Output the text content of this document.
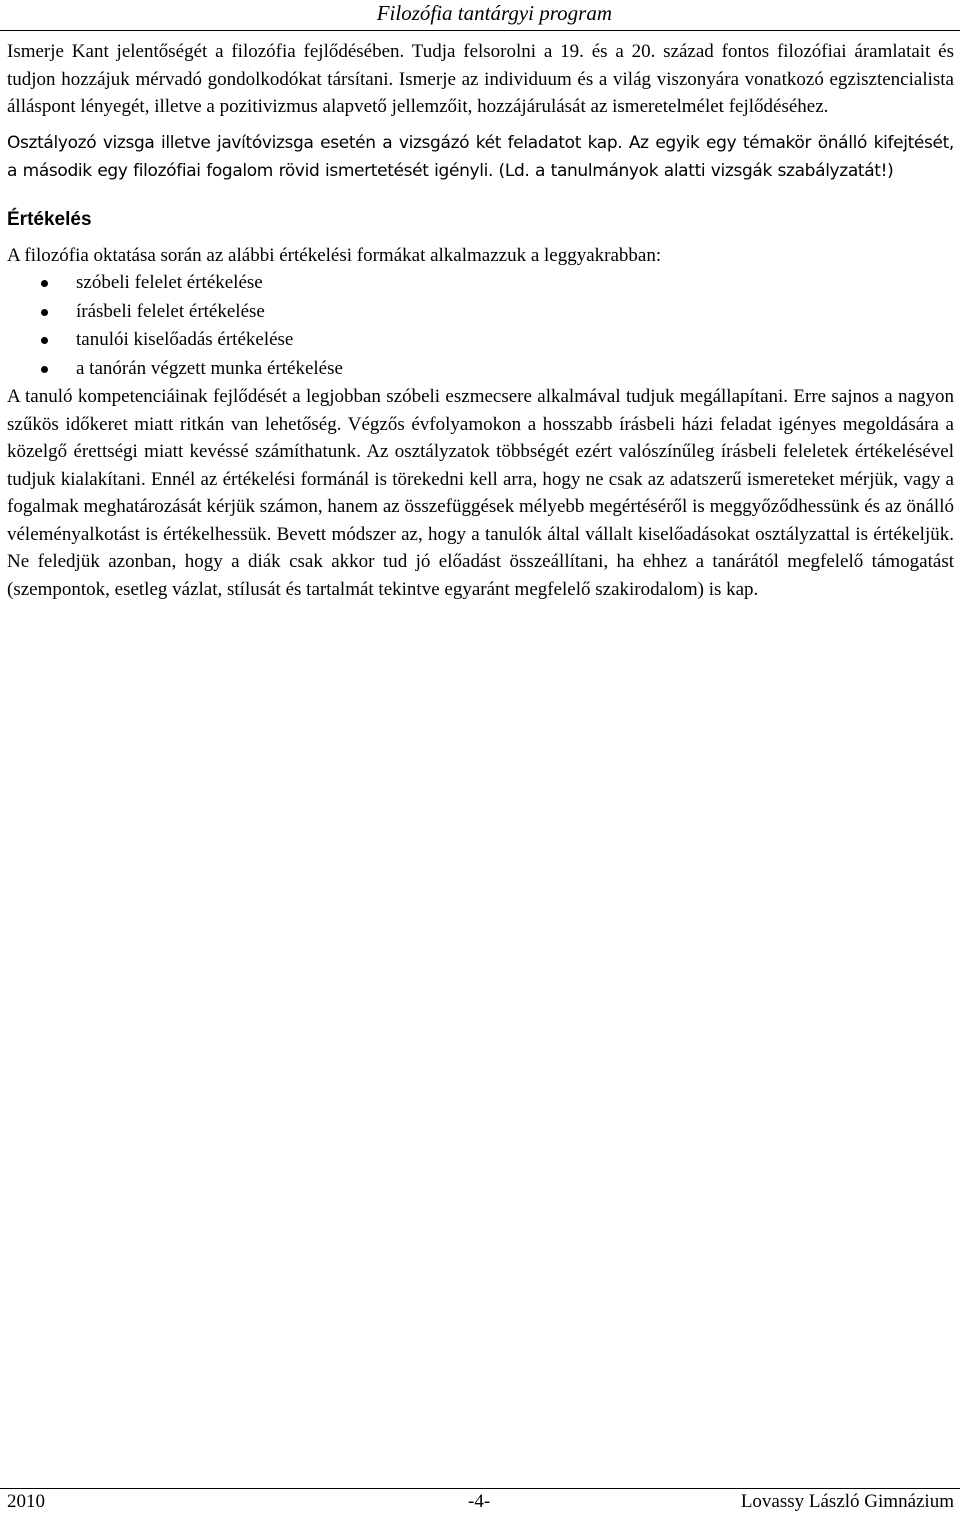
Filozófia tantárgyi program

Ismerje Kant jelentőségét a filozófia fejlődésében. Tudja felsorolni a 19. és a 20. század fontos filozófiai áramlatait és tudjon hozzájuk mérvadó gondolkodókat társítani. Ismerje az individuum és a világ viszonyára vonatkozó egzisztencialista álláspont lényegét, illetve a pozitivizmus alapvető jellemzőit, hozzájárulását az ismeretelmélet fejlődéséhez.

Osztályozó vizsga illetve javítóvizsga esetén a vizsgázó két feladatot kap. Az egyik egy témakör önálló kifejtését, a második egy filozófiai fogalom rövid ismertetését igényli. (Ld. a tanulmányok alatti vizsgák szabályzatát!)

Értékelés

A filozófia oktatása során az alábbi értékelési formákat alkalmazzuk a leggyakrabban:

szóbeli felelet értékelése
írásbeli felelet értékelése
tanulói kiselőadás értékelése
a tanórán végzett munka értékelése

A tanuló kompetenciáinak fejlődését a legjobban szóbeli eszmecsere alkalmával tudjuk megállapítani. Erre sajnos a nagyon szűkös időkeret miatt ritkán van lehetőség. Végzős évfolyamokon a hosszabb írásbeli házi feladat igényes megoldására a közelgő érettségi miatt kevéssé számíthatunk. Az osztályzatok többségét ezért valószínűleg írásbeli feleletek értékelésével tudjuk kialakítani. Ennél az értékelési formánál is törekedni kell arra, hogy ne csak az adatszerű ismereteket mérjük, vagy a fogalmak meghatározását kérjük számon, hanem az összefüggések mélyebb megértéséről is meggyőződhessünk és az önálló véleményalkotást is értékelhessük. Bevett módszer az, hogy a tanulók által vállalt kiselőadásokat osztályzattal is értékeljük. Ne feledjük azonban, hogy a diák csak akkor tud jó előadást összeállítani, ha ehhez a tanárától megfelelő támogatást (szempontok, esetleg vázlat, stílusát és tartalmát tekintve egyaránt megfelelő szakirodalom) is kap.

2010	-4-	Lovassy László Gimnázium
